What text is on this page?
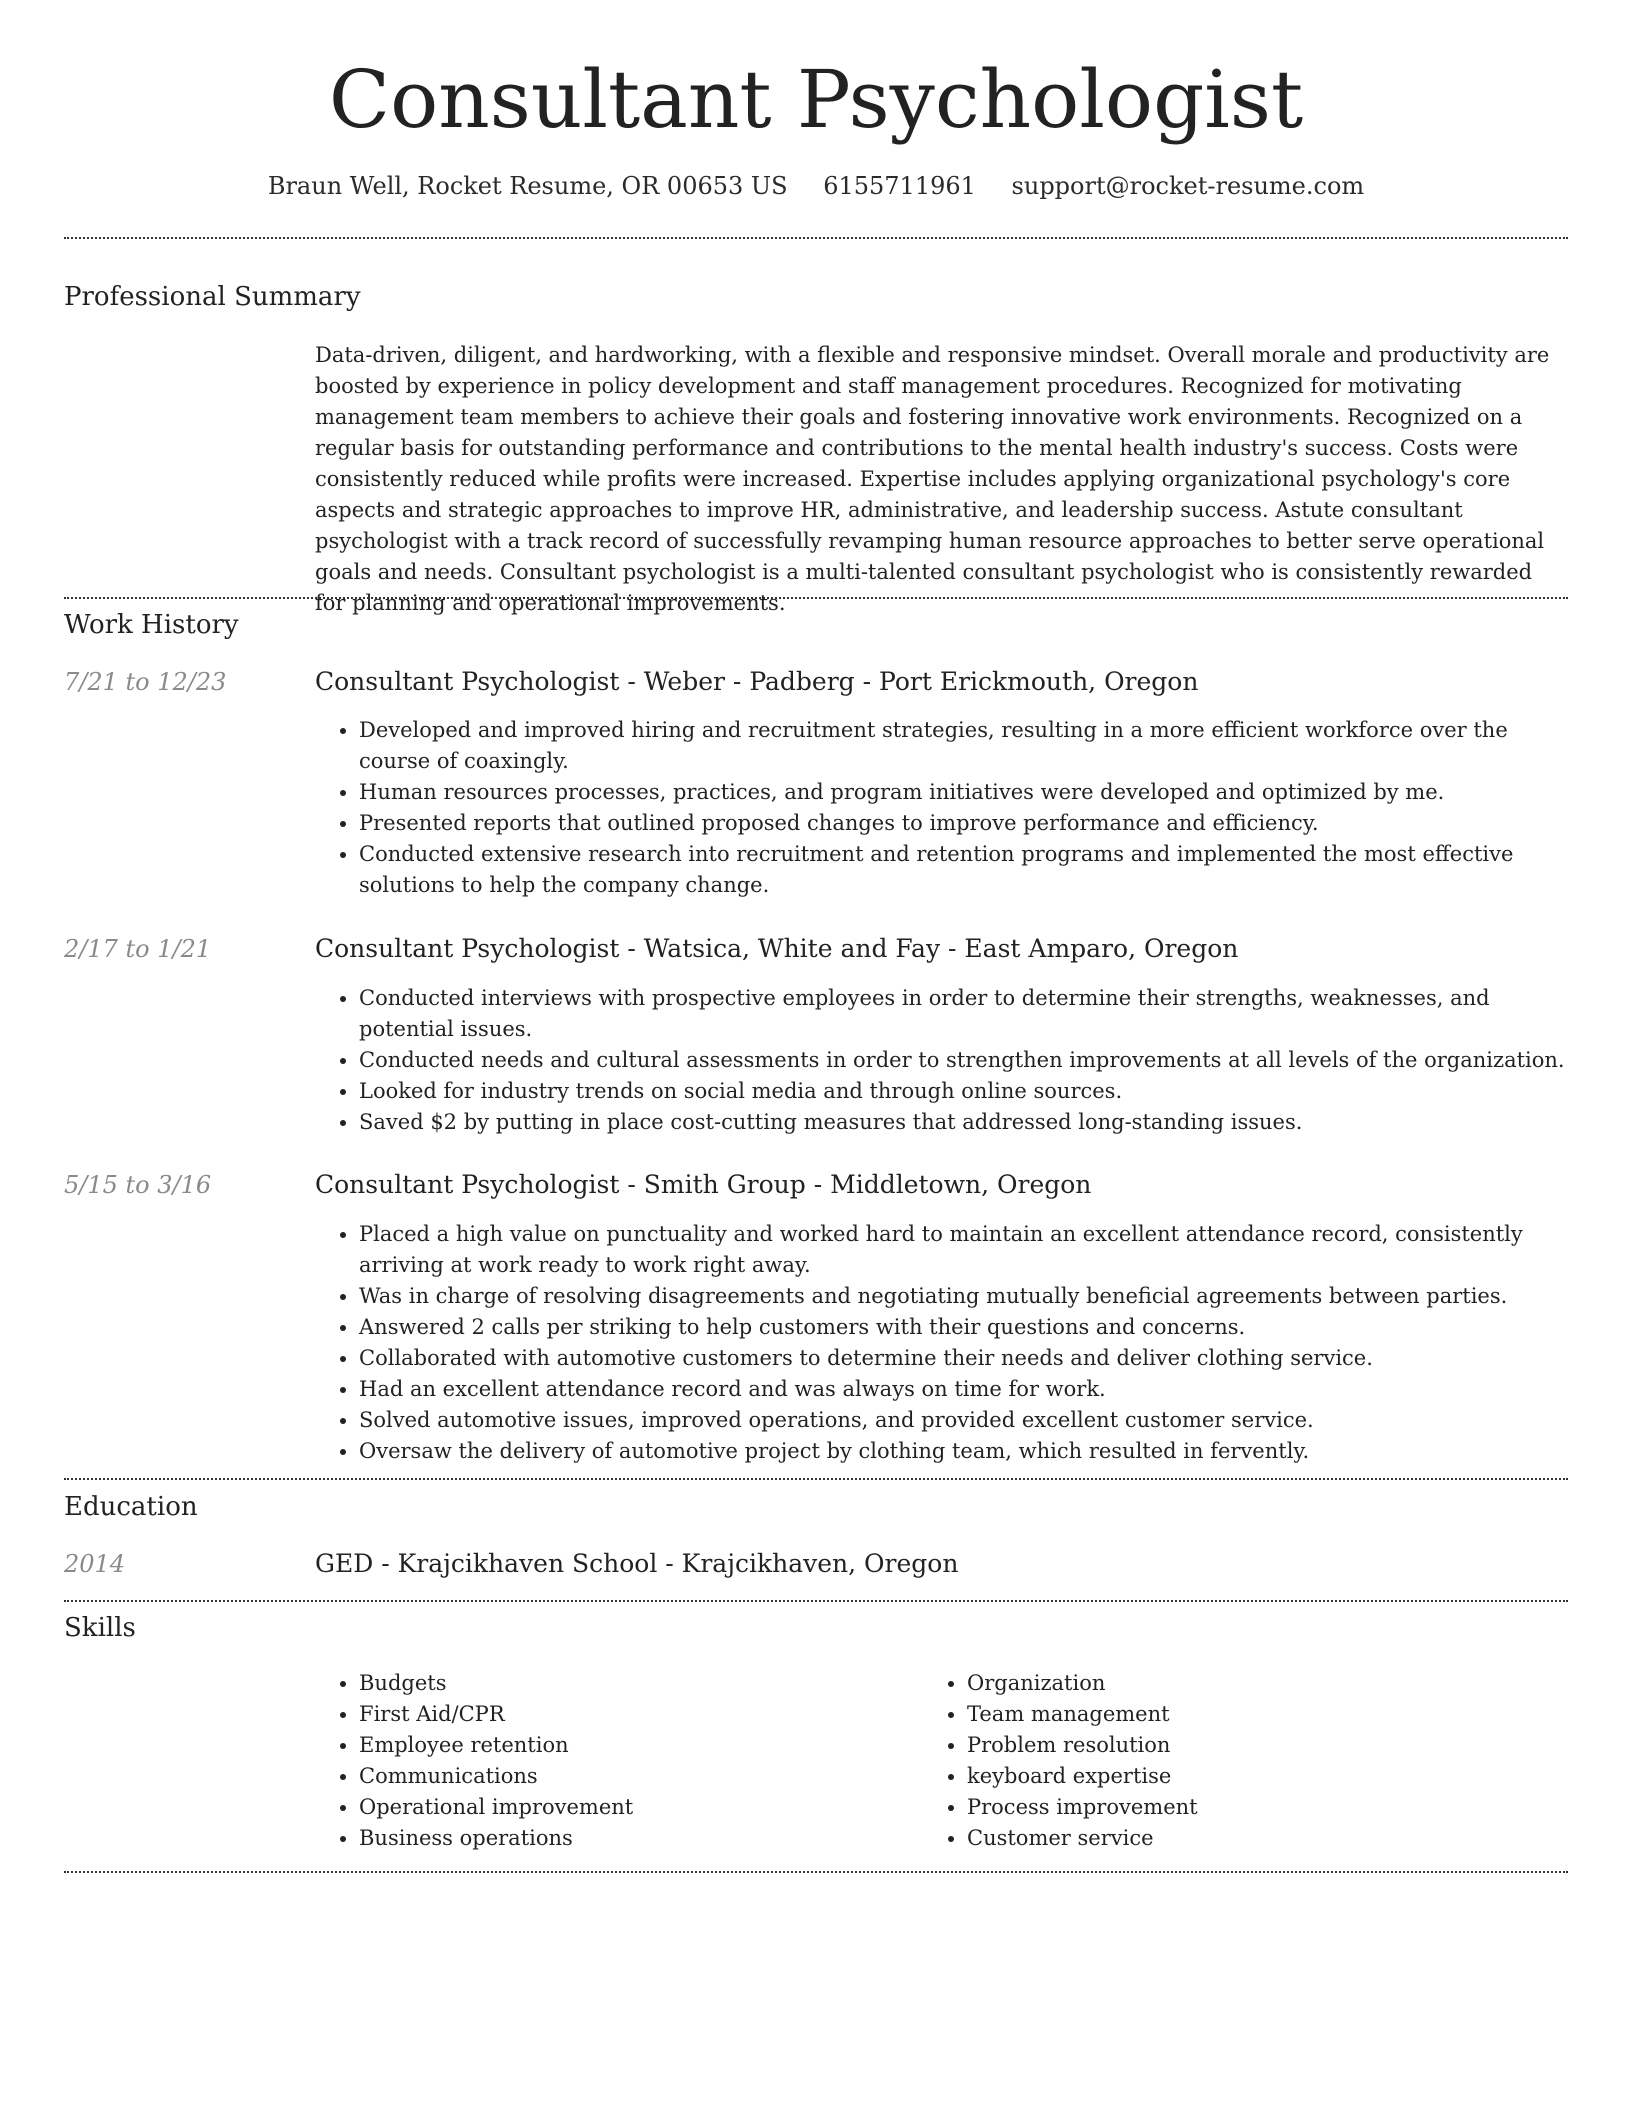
Consultant Psychologist
Braun Well, Rocket Resume, OR 00653 US 6155711961 support@rocket-resume.com
Professional Summary

Data-driven, diligent, and hardworking, with a flexible and responsive mindset. Overall morale and productivity are boosted by experience in policy development and staff management procedures. Recognized for motivating management team members to achieve their goals and fostering innovative work environments. Recognized on a regular basis for outstanding performance and contributions to the mental health industry's success. Costs were consistently reduced while profits were increased. Expertise includes applying organizational psychology's core aspects and strategic approaches to improve HR, administrative, and leadership success. Astute consultant psychologist with a track record of successfully revamping human resource approaches to better serve operational goals and needs. Consultant psychologist is a multi-talented consultant psychologist who is consistently rewarded for planning and operational improvements.

Work History
7/21 to 12/23	Consultant Psychologist - Weber - Padberg - Port Erickmouth, Oregon
• Developed and improved hiring and recruitment strategies, resulting in a more efficient workforce over the course of coaxingly.
• Human resources processes, practices, and program initiatives were developed and optimized by me.
• Presented reports that outlined proposed changes to improve performance and efficiency.
• Conducted extensive research into recruitment and retention programs and implemented the most effective solutions to help the company change.
2/17 to 1/21	Consultant Psychologist - Watsica, White and Fay - East Amparo, Oregon
• Conducted interviews with prospective employees in order to determine their strengths, weaknesses, and potential issues.
• Conducted needs and cultural assessments in order to strengthen improvements at all levels of the organization.
• Looked for industry trends on social media and through online sources.
• Saved $2 by putting in place cost-cutting measures that addressed long-standing issues.
5/15 to 3/16	Consultant Psychologist - Smith Group - Middletown, Oregon
• Placed a high value on punctuality and worked hard to maintain an excellent attendance record, consistently arriving at work ready to work right away.
• Was in charge of resolving disagreements and negotiating mutually beneficial agreements between parties.
• Answered 2 calls per striking to help customers with their questions and concerns.
• Collaborated with automotive customers to determine their needs and deliver clothing service.
• Had an excellent attendance record and was always on time for work.
• Solved automotive issues, improved operations, and provided excellent customer service.
• Oversaw the delivery of automotive project by clothing team, which resulted in fervently.
Education
2014	GED - Krajcikhaven School - Krajcikhaven, Oregon
Skills
• Budgets
• First Aid/CPR
• Employee retention
• Communications
• Operational improvement
• Business operations
• Organization
• Team management
• Problem resolution
• keyboard expertise
• Process improvement
• Customer service
